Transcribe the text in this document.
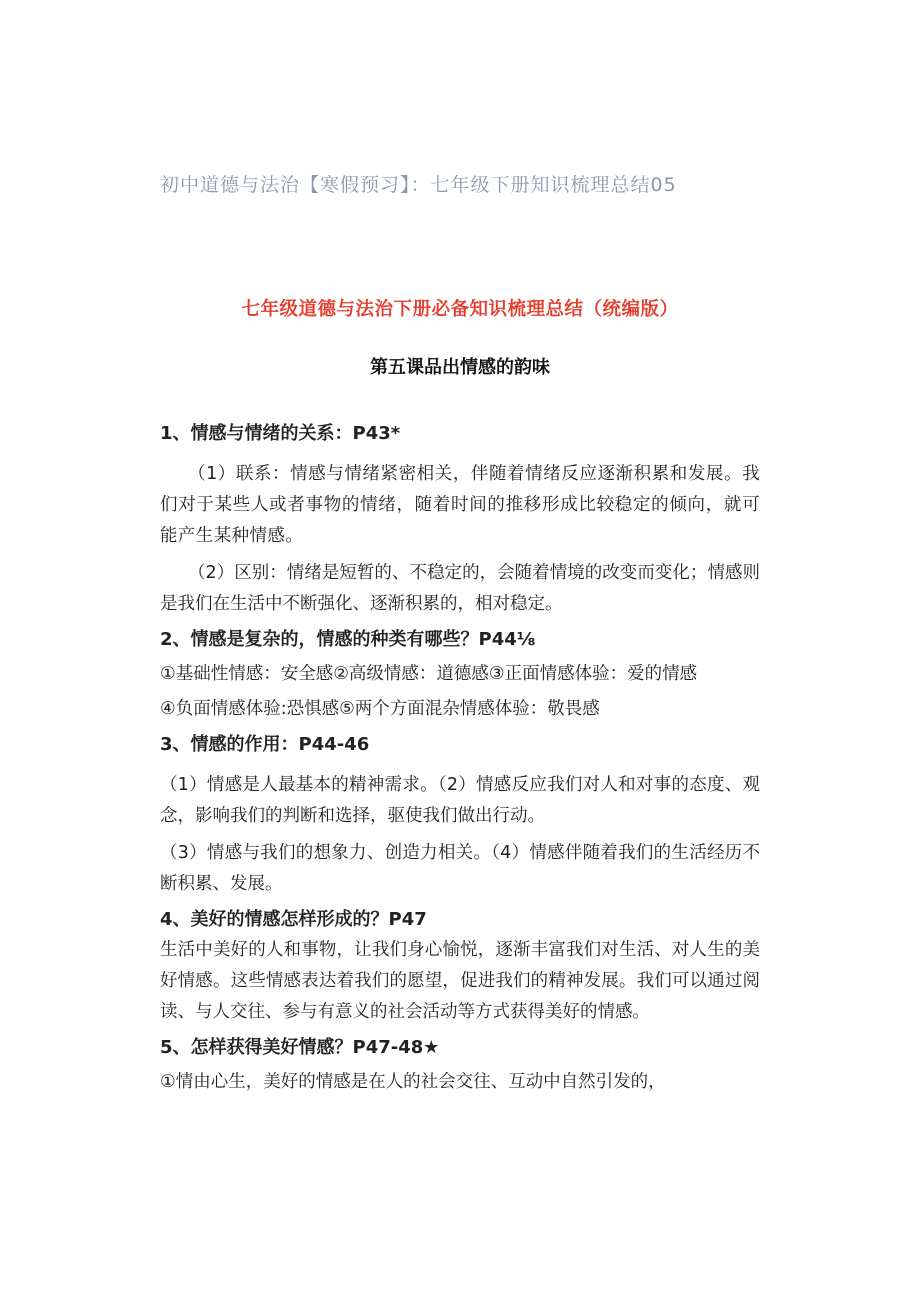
初中道德与法治【寒假预习】：七年级下册知识梳理总结05
七年级道德与法治下册必备知识梳理总结（统编版）
第五课品出情感的韵味

1、情感与情绪的关系：P43*

（1）联系：情感与情绪紧密相关，伴随着情绪反应逐渐积累和发展。我们对于某些人或者事物的情绪，随着时间的推移形成比较稳定的倾向，就可能产生某种情感。

（2）区别：情绪是短暂的、不稳定的，会随着情境的改变而变化；情感则是我们在生活中不断强化、逐渐积累的，相对稳定。

2、情感是复杂的，情感的种类有哪些？P44⅛

①基础性情感：安全感②高级情感：道德感③正面情感体验：爱的情感

④负面情感体验:恐惧感⑤两个方面混杂情感体验：敬畏感

3、情感的作用：P44-46

（1）情感是人最基本的精神需求。（2）情感反应我们对人和对事的态度、观念，影响我们的判断和选择，驱使我们做出行动。

（3）情感与我们的想象力、创造力相关。（4）情感伴随着我们的生活经历不断积累、发展。

4、美好的情感怎样形成的？P47

生活中美好的人和事物，让我们身心愉悦，逐渐丰富我们对生活、对人生的美好情感。这些情感表达着我们的愿望，促进我们的精神发展。我们可以通过阅读、与人交往、参与有意义的社会活动等方式获得美好的情感。

5、怎样获得美好情感？P47-48★

①情由心生，美好的情感是在人的社会交往、互动中自然引发的，
